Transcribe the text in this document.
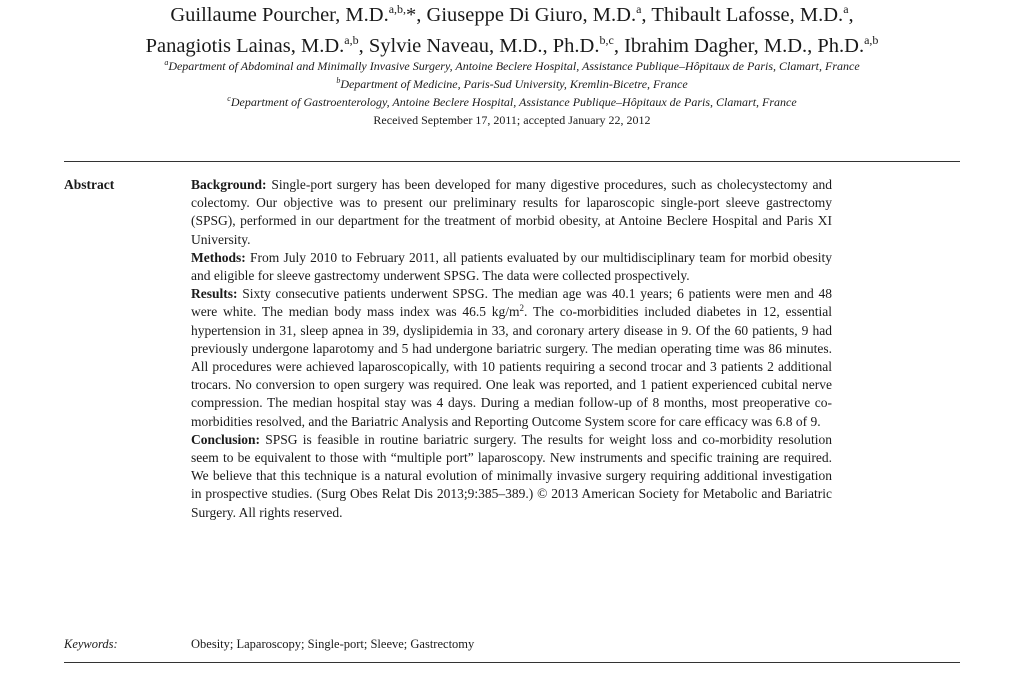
Guillaume Pourcher, M.D.$^{a,b,}$*, Giuseppe Di Giuro, M.D.$^a$, Thibault Lafosse, M.D.$^a$,
Panagiotis Lainas, M.D.$^{a,b}$, Sylvie Naveau, M.D., Ph.D.$^{b,c}$, Ibrahim Dagher, M.D., Ph.D.$^{a,b}$
$^a$Department of Abdominal and Minimally Invasive Surgery, Antoine Beclere Hospital, Assistance Publique–Hôpitaux de Paris, Clamart, France
$^b$Department of Medicine, Paris-Sud University, Kremlin-Bicetre, France
$^c$Department of Gastroenterology, Antoine Beclere Hospital, Assistance Publique–Hôpitaux de Paris, Clamart, France
Received September 17, 2011; accepted January 22, 2012
Abstract	Background: Single-port surgery has been developed for many digestive procedures, such as cholecystectomy and colectomy. Our objective was to present our preliminary results for laparoscopic single-port sleeve gastrectomy (SPSG), performed in our department for the treatment of morbid obesity, at Antoine Beclere Hospital and Paris XI University.

Methods: From July 2010 to February 2011, all patients evaluated by our multidisciplinary team for morbid obesity and eligible for sleeve gastrectomy underwent SPSG. The data were collected prospectively.

Results: Sixty consecutive patients underwent SPSG. The median age was 40.1 years; 6 patients were men and 48 were white. The median body mass index was 46.5 $kg/m^2$. The co-morbidities included diabetes in 12, essential hypertension in 31, sleep apnea in 39, dyslipidemia in 33, and coronary artery disease in 9. Of the 60 patients, 9 had previously undergone laparotomy and 5 had undergone bariatric surgery. The median operating time was 86 minutes. All procedures were achieved laparoscopically, with 10 patients requiring a second trocar and 3 patients 2 additional trocars. No conversion to open surgery was required. One leak was reported, and 1 patient experienced cubital nerve compression. The median hospital stay was 4 days. During a median follow-up of 8 months, most preoperative co-morbidities resolved, and the Bariatric Analysis and Reporting Outcome System score for care efficacy was 6.8 of 9.

Conclusion: SPSG is feasible in routine bariatric surgery. The results for weight loss and co-morbidity resolution seem to be equivalent to those with “multiple port” laparoscopy. New instruments and specific training are required. We believe that this technique is a natural evolution of minimally invasive surgery requiring additional investigation in prospective studies. (Surg Obes Relat Dis 2013;9:385–389.) © 2013 American Society for Metabolic and Bariatric Surgery. All rights reserved.

Keywords:	Obesity; Laparoscopy; Single-port; Sleeve; Gastrectomy
